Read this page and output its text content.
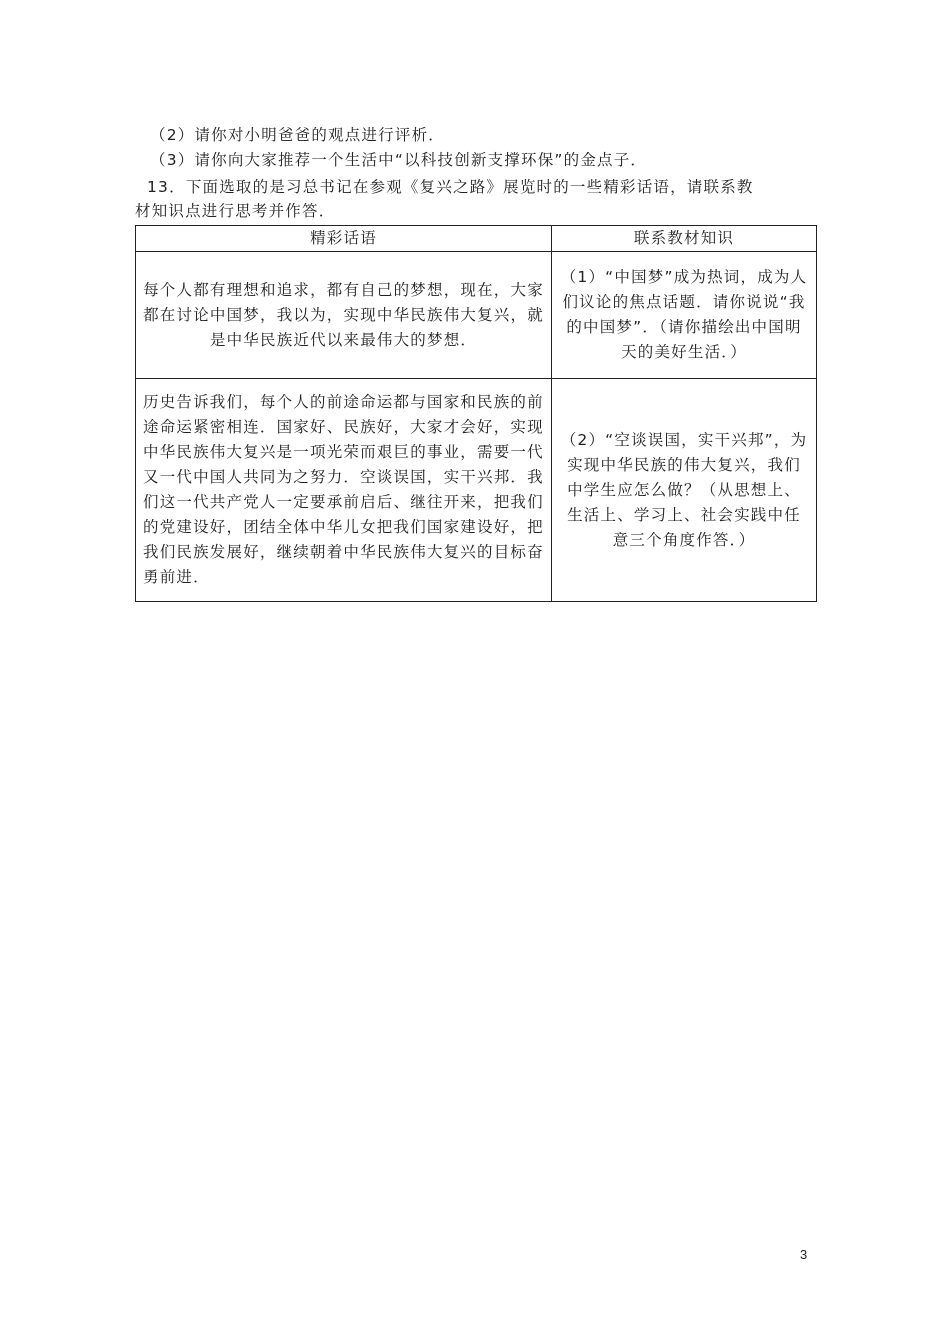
（2）请你对小明爸爸的观点进行评析．
（3）请你向大家推荐一个生活中“以科技创新支撑环保”的金点子．
13．下面选取的是习总书记在参观《复兴之路》展览时的一些精彩话语，请联系教
材知识点进行思考并作答．
精彩话语	联系教材知识
每个人都有理想和追求，都有自己的梦想，现在，大家都在讨论中国梦，我以为，实现中华民族伟大复兴，就是中华民族近代以来最伟大的梦想．	（1）“中国梦”成为热词，成为人们议论的焦点话题．请你说说“我的中国梦”．（请你描绘出中国明天的美好生活．）
历史告诉我们，每个人的前途命运都与国家和民族的前途命运紧密相连．国家好、民族好，大家才会好，实现中华民族伟大复兴是一项光荣而艰巨的事业，需要一代又一代中国人共同为之努力．空谈误国，实干兴邦．我们这一代共产党人一定要承前启后、继往开来，把我们的党建设好，团结全体中华儿女把我们国家建设好，把我们民族发展好，继续朝着中华民族伟大复兴的目标奋勇前进．	（2）“空谈误国，实干兴邦”，为实现中华民族的伟大复兴，我们中学生应怎么做？（从思想上、生活上、学习上、社会实践中任意三个角度作答．）
3
